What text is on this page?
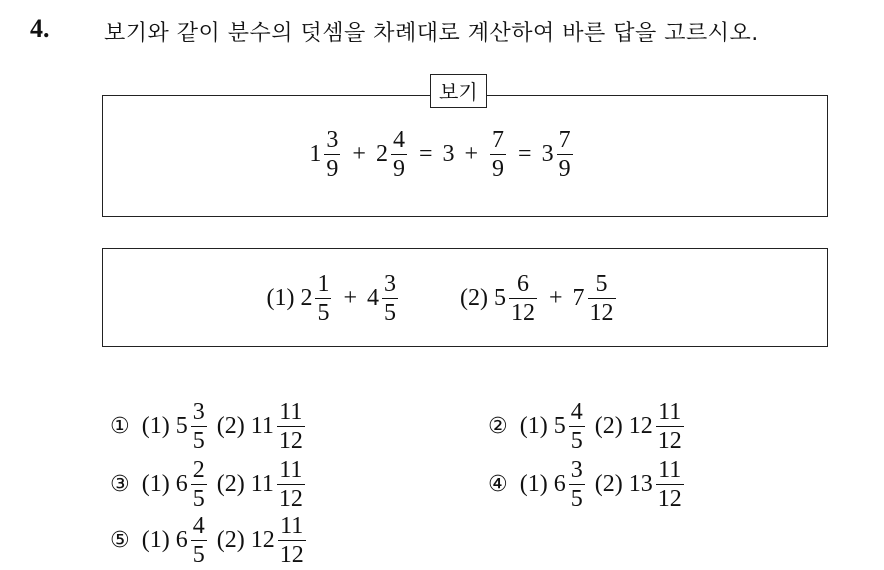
4. 보기와 같이 분수의 덧셈을 차례대로 계산하여 바른 답을 고르시오.
보기
$1 \frac{3}{9} + 2 \frac{4}{9} = 3 + \frac{7}{9} = 3 \frac{7}{9}$
(1) $2 \frac{1}{5} + 4 \frac{3}{5}$	(2) $5 \frac{6}{12} + 7 \frac{5}{12}$
① (1) $5 \frac{3}{5} (2)$ $11 \frac{11}{12}$	② (1) $5 \frac{4}{5} (2)$ $12 \frac{11}{12}$
③ (1) $6 \frac{2}{5} (2)$ $11 \frac{11}{12}$	④ (1) $6 \frac{3}{5} (2)$ $13 \frac{11}{12}$
⑤ (1) $6 \frac{4}{5} (2)$ $12 \frac{11}{12}$
